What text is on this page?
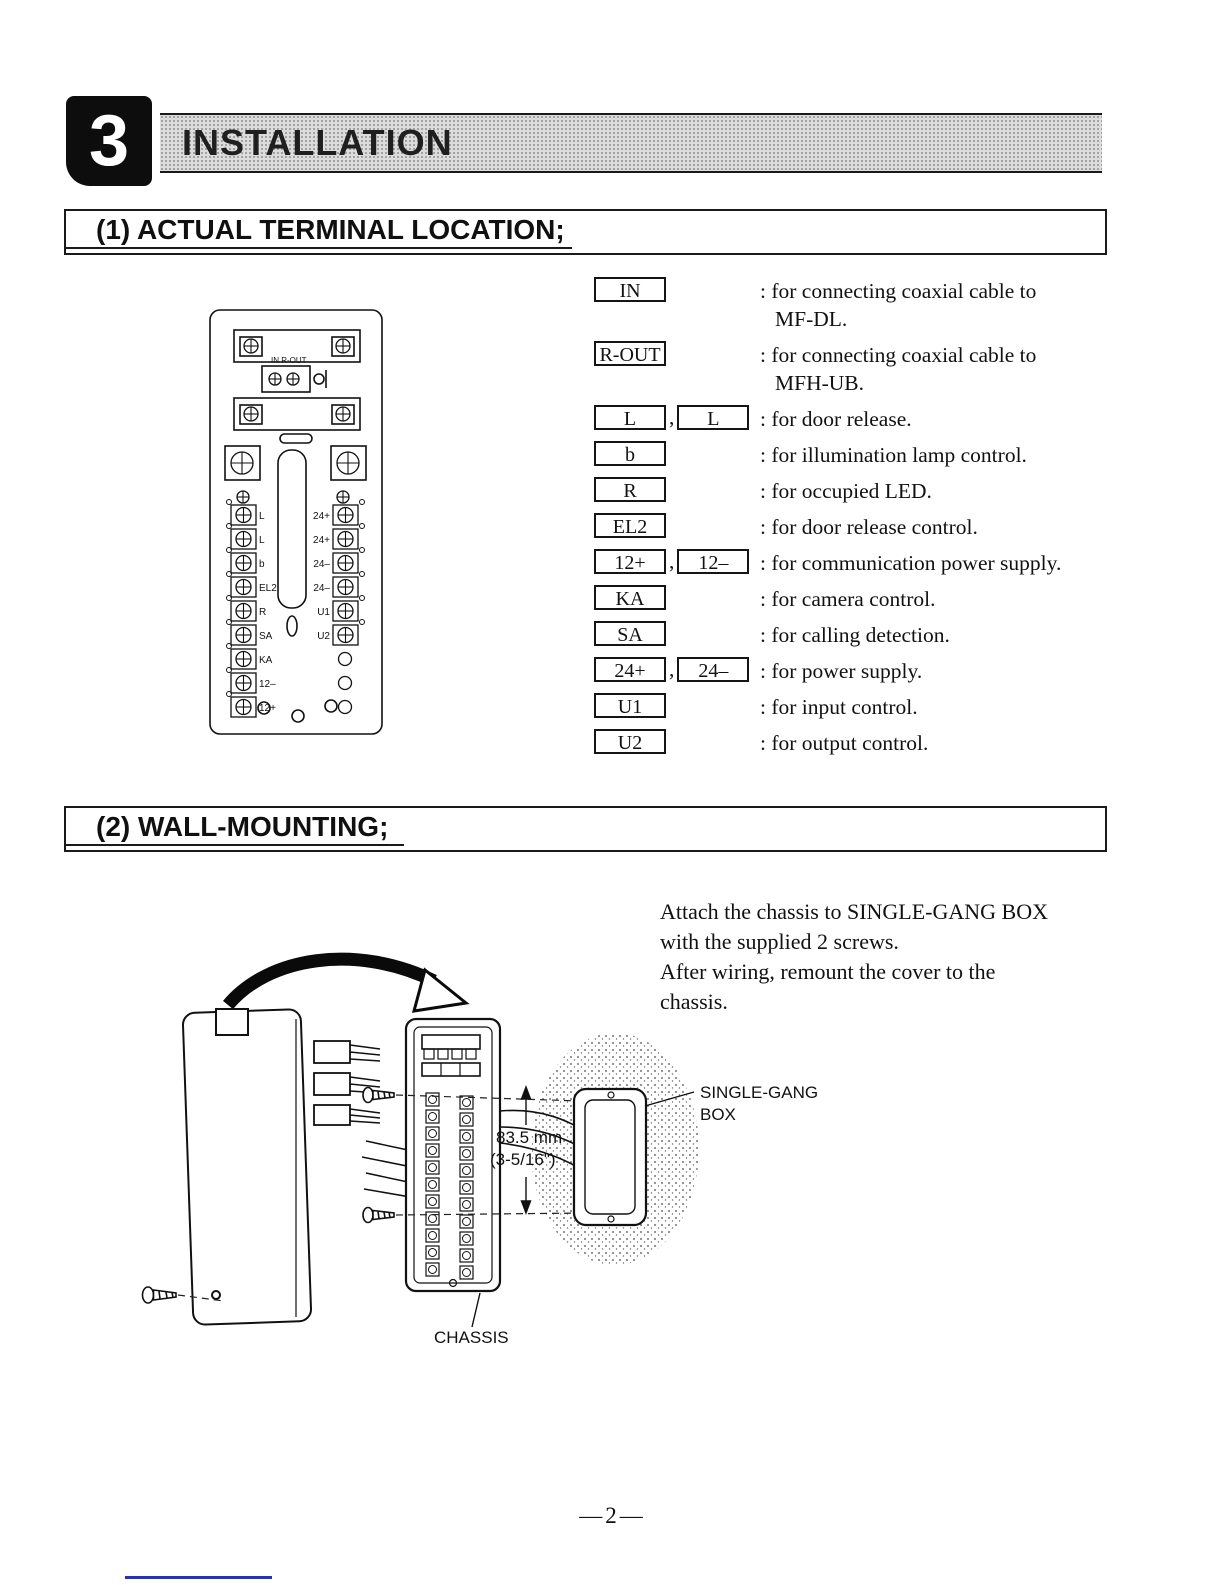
3	INSTALLATION
(1) ACTUAL TERMINAL LOCATION;
IN R-OUT
L
L
b
EL2
R
SA
KA
12–
12+
24+
24+
24–
24–
U1
U2
IN	: for connecting coaxial cable to
MF-DL.
R-OUT	: for connecting coaxial cable to
MFH-UB.
L	,	L	: for door release.
b	: for illumination lamp control.
R	: for occupied LED.
EL2	: for door release control.
12+	,	12–	: for communication power supply.
KA	: for camera control.
SA	: for calling detection.
24+	,	24–	: for power supply.
U1	: for input control.
U2	: for output control.
(2) WALL-MOUNTING;
Attach the chassis to SINGLE-GANG BOX
with the supplied 2 screws.
After wiring, remount the cover to the
chassis.
SINGLE-GANG
BOX
83.5 mm
(3-5/16")
CHASSIS
—2—
